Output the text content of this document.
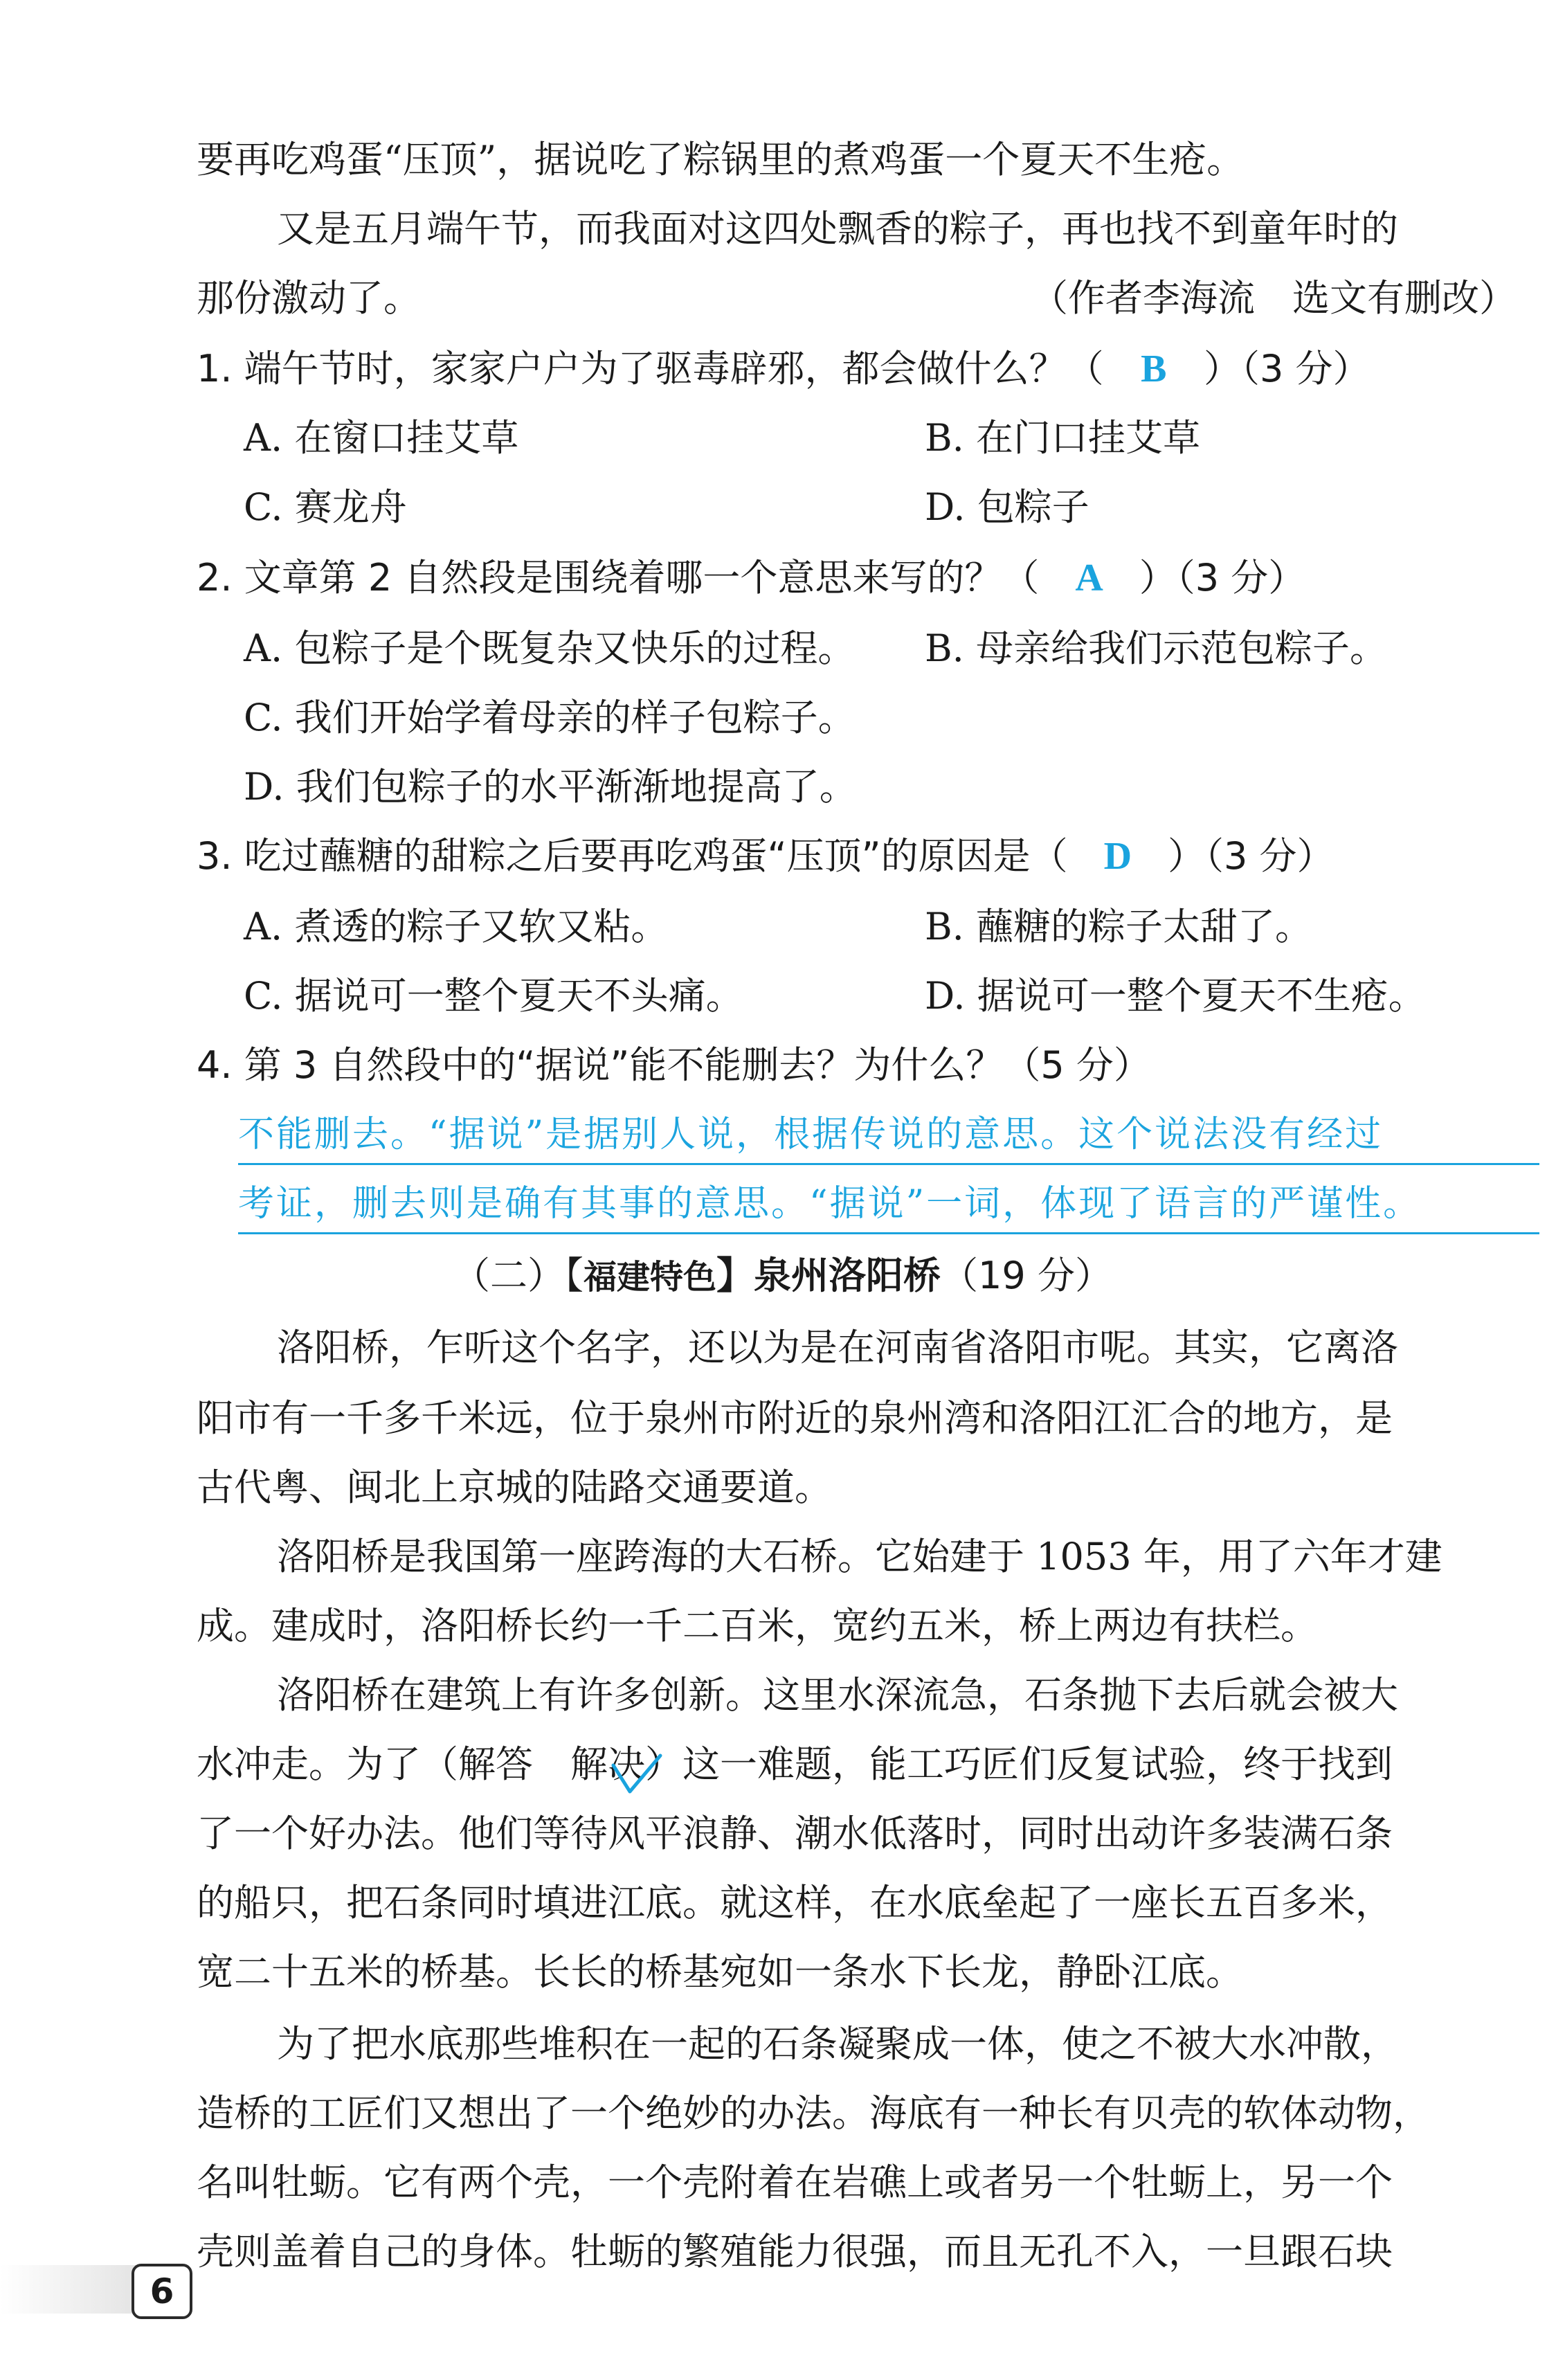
要再吃鸡蛋“压顶”，据说吃了粽锅里的煮鸡蛋一个夏天不生疮。
又是五月端午节，而我面对这四处飘香的粽子，再也找不到童年时的
那份激动了。	（作者李海流　选文有删改）
1. 端午节时，家家户户为了驱毒辟邪，都会做什么？（ B ）（3 分）
A. 在窗口挂艾草	B. 在门口挂艾草
C. 赛龙舟	D. 包粽子
2. 文章第 2 自然段是围绕着哪一个意思来写的？（ A ）（3 分）
A. 包粽子是个既复杂又快乐的过程。 B. 母亲给我们示范包粽子。
C. 我们开始学着母亲的样子包粽子。
D. 我们包粽子的水平渐渐地提高了。
3. 吃过蘸糖的甜粽之后要再吃鸡蛋“压顶”的原因是（ D ）（3 分）
A. 煮透的粽子又软又粘。	B. 蘸糖的粽子太甜了。
C. 据说可一整个夏天不头痛。	D. 据说可一整个夏天不生疮。
4. 第 3 自然段中的“据说”能不能删去？为什么？（5 分）
不能删去。“据说”是据别人说，根据传说的意思。这个说法没有经过
考证，删去则是确有其事的意思。“据说”一词，体现了语言的严谨性。
（二）【福建特色】泉州洛阳桥（19 分）
洛阳桥，乍听这个名字，还以为是在河南省洛阳市呢。其实，它离洛
阳市有一千多千米远，位于泉州市附近的泉州湾和洛阳江汇合的地方，是
古代粤、闽北上京城的陆路交通要道。
洛阳桥是我国第一座跨海的大石桥。它始建于 1053 年，用了六年才建
成。建成时，洛阳桥长约一千二百米，宽约五米，桥上两边有扶栏。
洛阳桥在建筑上有许多创新。这里水深流急，石条抛下去后就会被大
水冲走。为了（解答　解决）这一难题，能工巧匠们反复试验，终于找到
了一个好办法。他们等待风平浪静、潮水低落时，同时出动许多装满石条
的船只，把石条同时填进江底。就这样，在水底垒起了一座长五百多米，
宽二十五米的桥基。长长的桥基宛如一条水下长龙，静卧江底。
为了把水底那些堆积在一起的石条凝聚成一体，使之不被大水冲散，
造桥的工匠们又想出了一个绝妙的办法。海底有一种长有贝壳的软体动物，
名叫牡蛎。它有两个壳，一个壳附着在岩礁上或者另一个牡蛎上，另一个
壳则盖着自己的身体。牡蛎的繁殖能力很强，而且无孔不入，一旦跟石块
6
